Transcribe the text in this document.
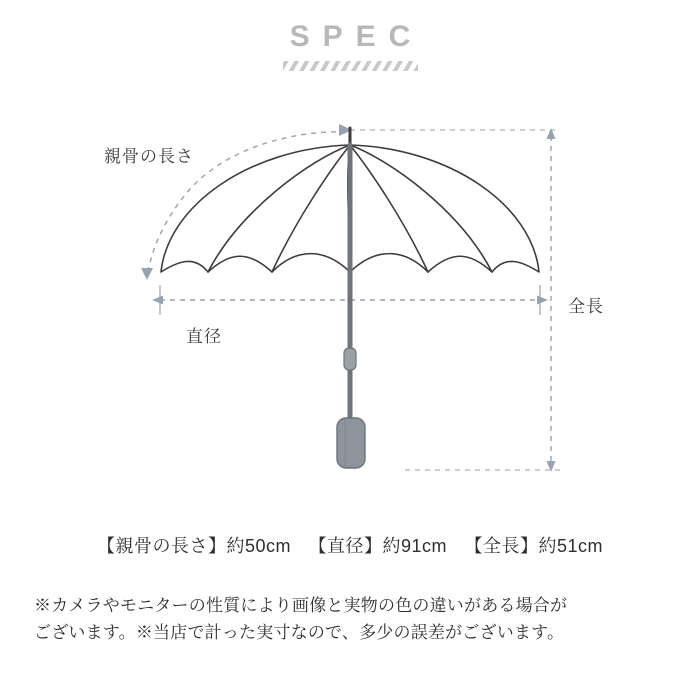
SPEC
親骨の長さ
直径
全長
【親骨の長さ】約50cm 【直径】約91cm 【全長】約51cm
※カメラやモニターの性質により画像と実物の色の違いがある場合が
ございます。※当店で計った実寸なので、多少の誤差がございます。
